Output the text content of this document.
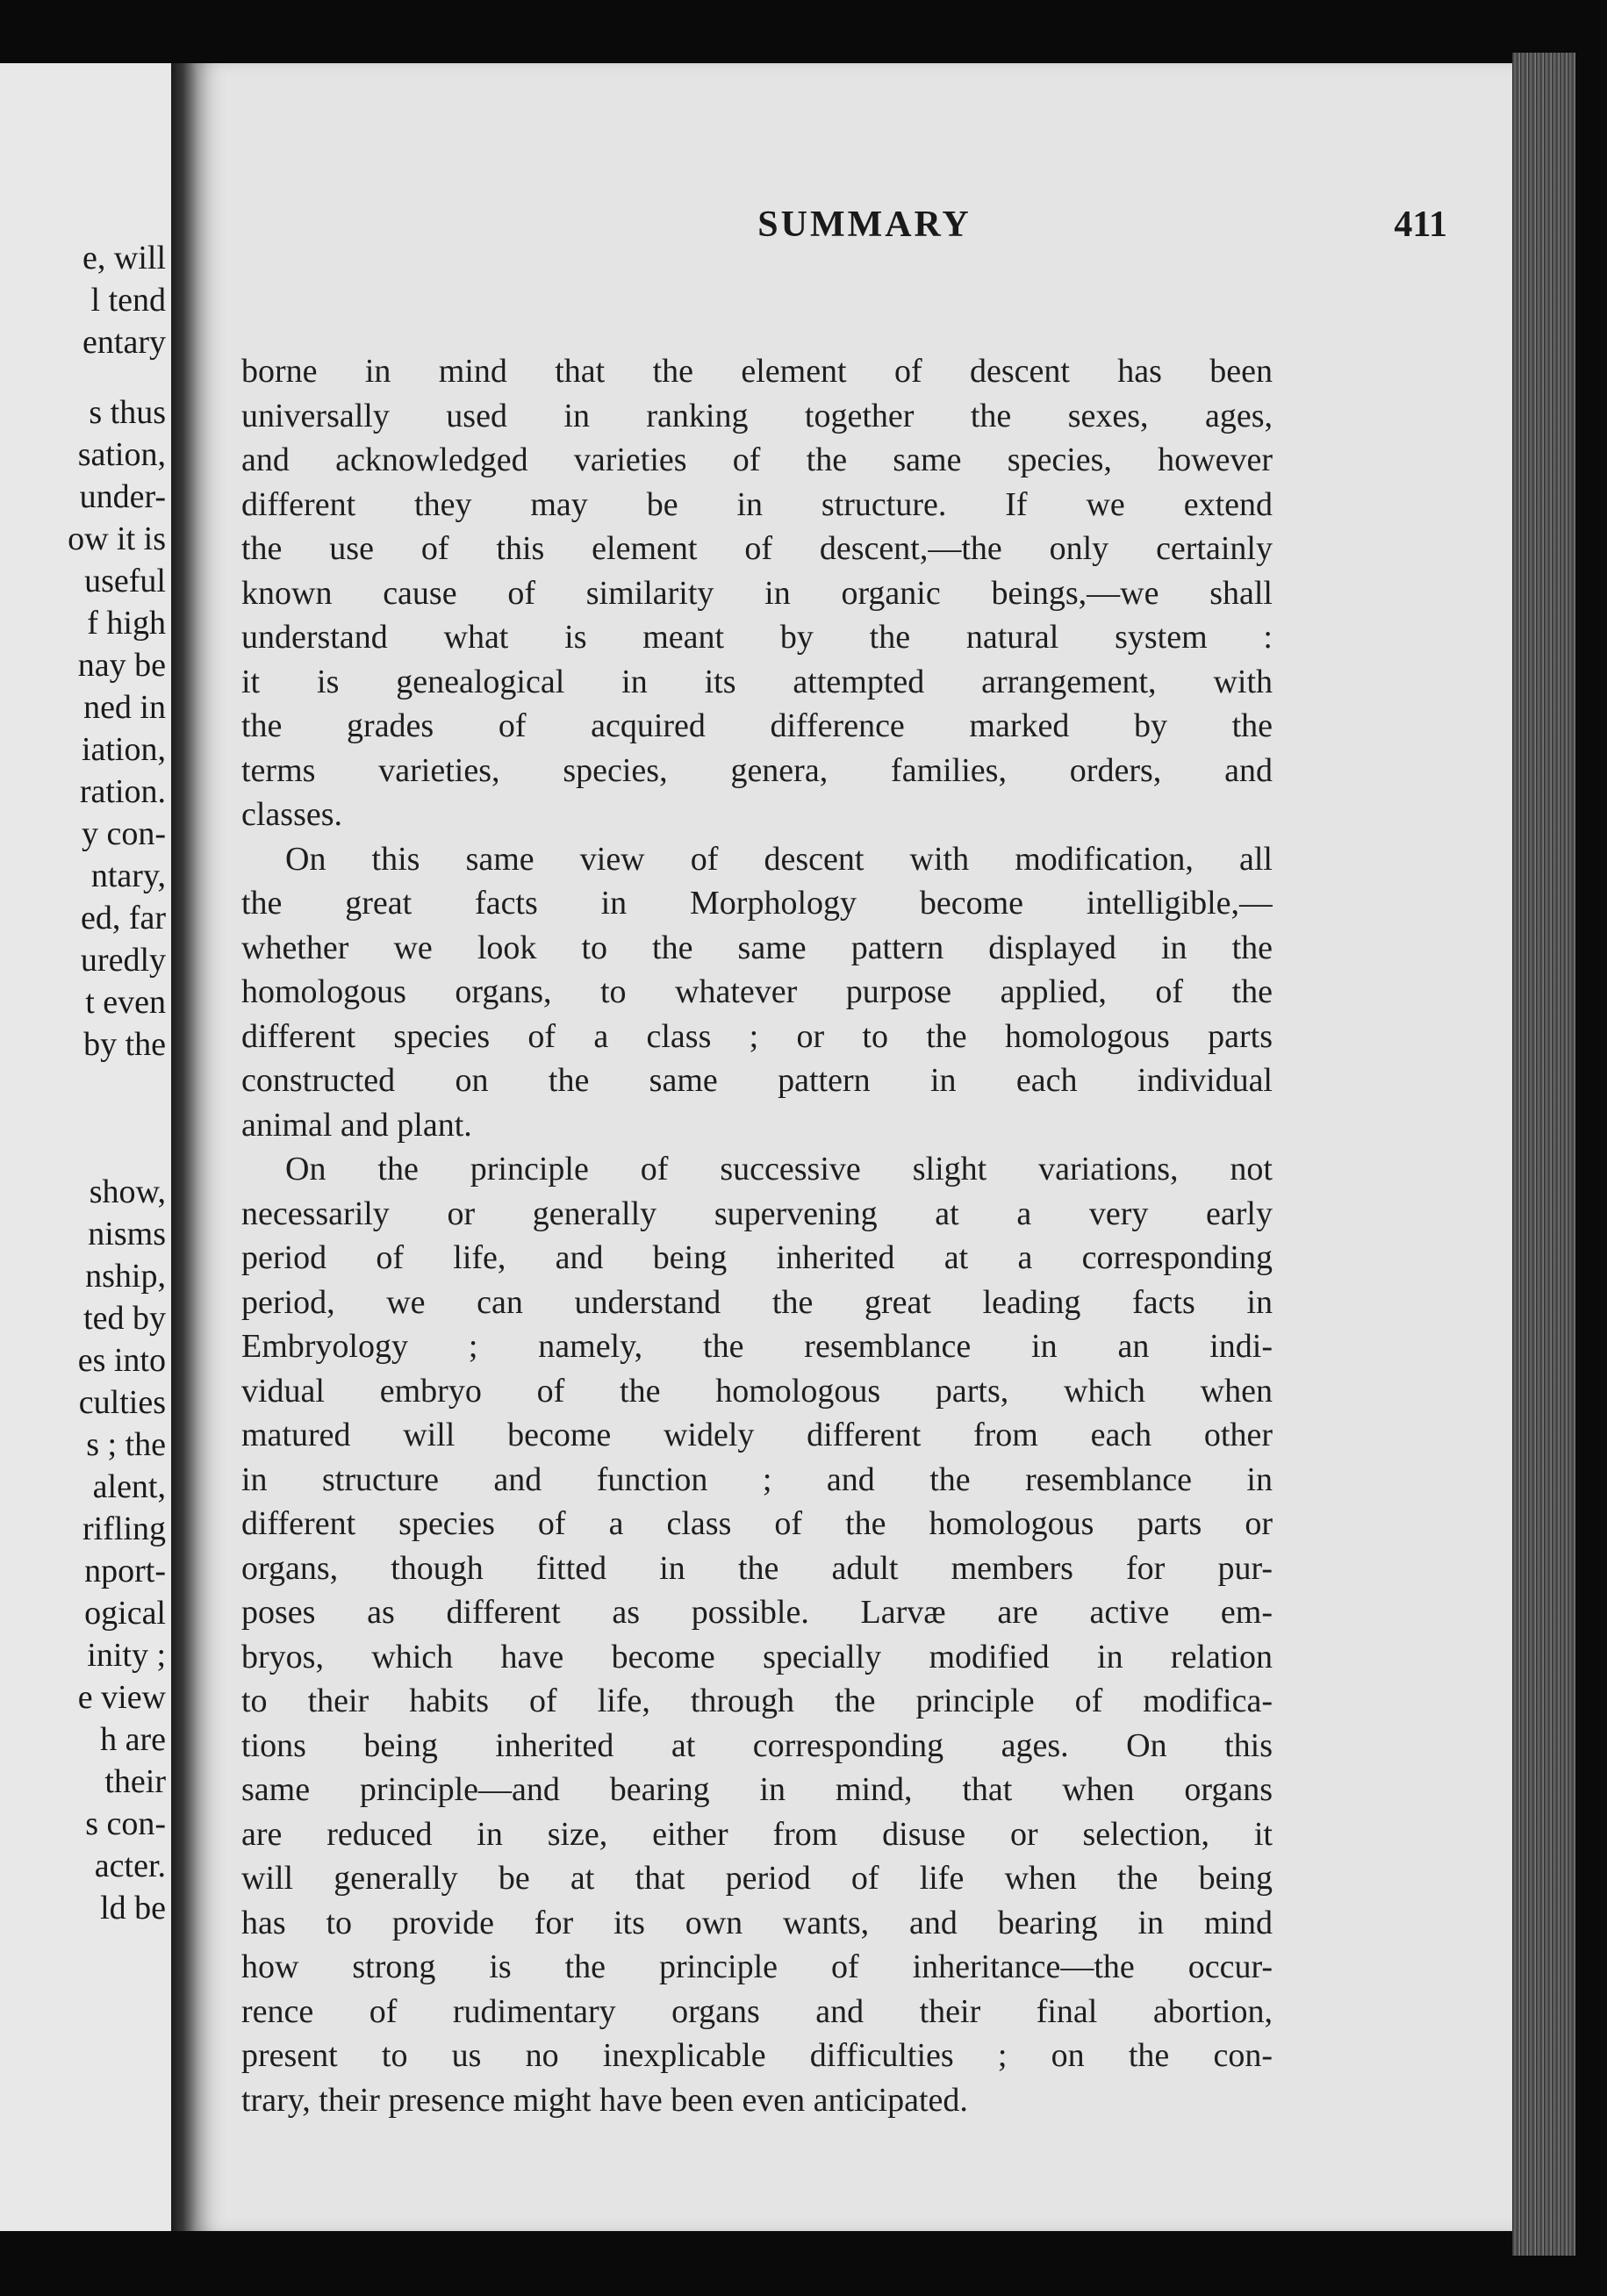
e, will
l tend
entary
s thus
sation,
under-
ow it is
useful
f high
nay be
ned in
iation,
ration.
y con-
ntary,
ed, far
uredly
t even
by the
show,
nisms
nship,
ted by
es into
culties
s ; the
alent,
rifling
nport-
ogical
inity ;
e view
h are
their
s con-
acter.
ld be
SUMMARY	411
borne in mind that the element of descent has been
universally used in ranking together the sexes, ages,
and acknowledged varieties of the same species, however
different they may be in structure. If we extend
the use of this element of descent,—the only certainly
known cause of similarity in organic beings,—we shall
understand what is meant by the natural system :
it is genealogical in its attempted arrangement, with
the grades of acquired difference marked by the
terms varieties, species, genera, families, orders, and
classes.
On this same view of descent with modification, all
the great facts in Morphology become intelligible,—
whether we look to the same pattern displayed in the
homologous organs, to whatever purpose applied, of the
different species of a class ; or to the homologous parts
constructed on the same pattern in each individual
animal and plant.
On the principle of successive slight variations, not
necessarily or generally supervening at a very early
period of life, and being inherited at a corresponding
period, we can understand the great leading facts in
Embryology ; namely, the resemblance in an indi-
vidual embryo of the homologous parts, which when
matured will become widely different from each other
in structure and function ; and the resemblance in
different species of a class of the homologous parts or
organs, though fitted in the adult members for pur-
poses as different as possible. Larvæ are active em-
bryos, which have become specially modified in relation
to their habits of life, through the principle of modifica-
tions being inherited at corresponding ages. On this
same principle—and bearing in mind, that when organs
are reduced in size, either from disuse or selection, it
will generally be at that period of life when the being
has to provide for its own wants, and bearing in mind
how strong is the principle of inheritance—the occur-
rence of rudimentary organs and their final abortion,
present to us no inexplicable difficulties ; on the con-
trary, their presence might have been even anticipated.
